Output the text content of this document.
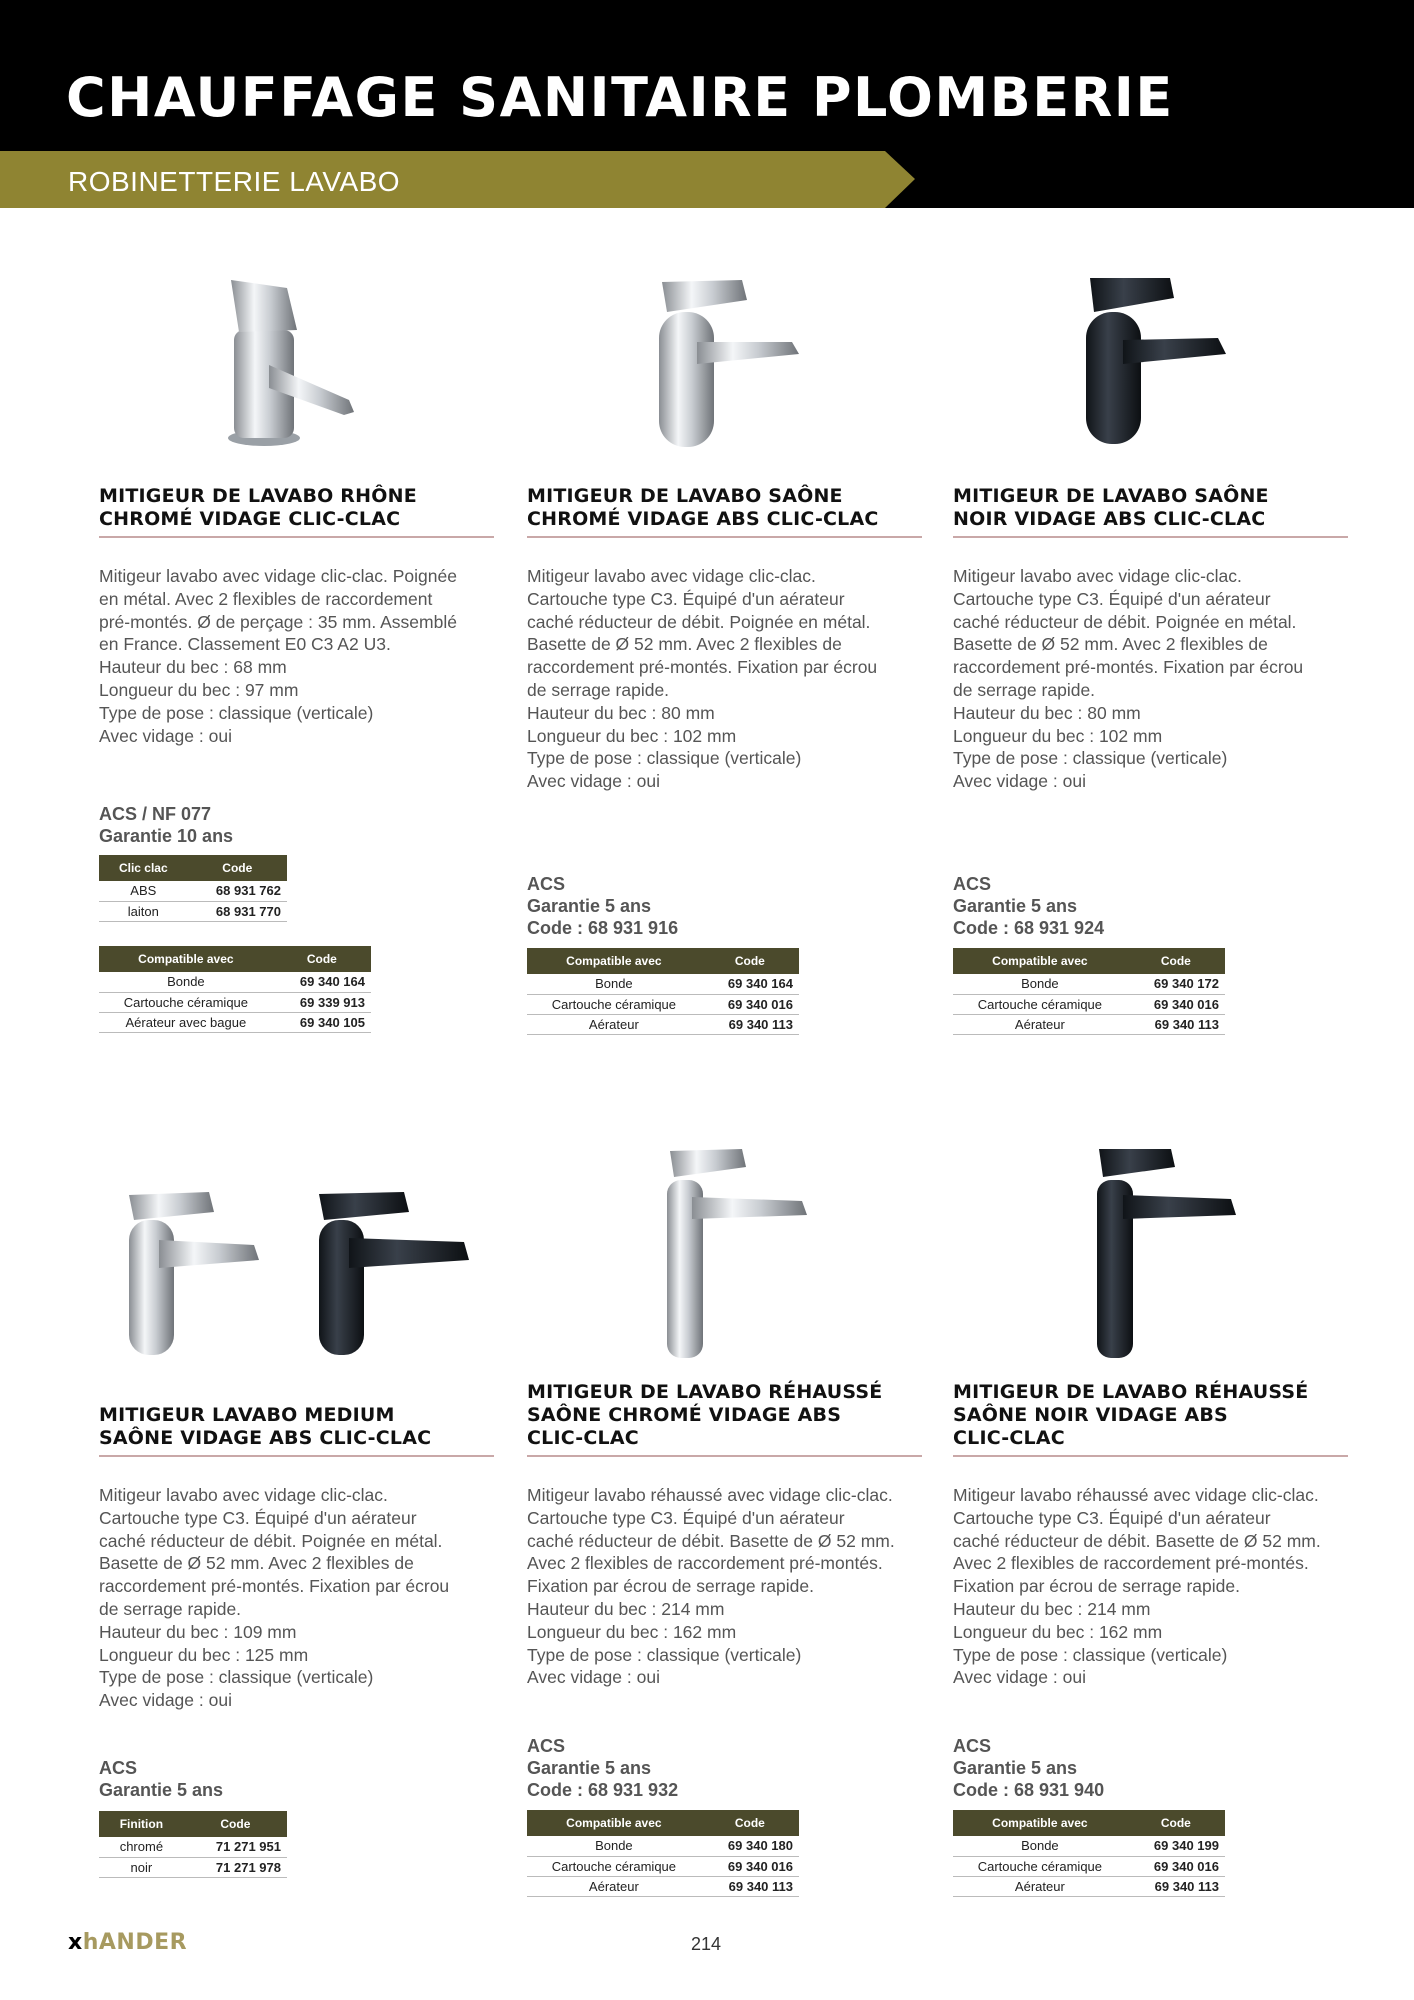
CHAUFFAGE SANITAIRE PLOMBERIE
ROBINETTERIE LAVABO
MITIGEUR DE LAVABO RHÔNE
CHROMÉ VIDAGE CLIC-CLAC
Mitigeur lavabo avec vidage clic-clac. Poignée
en métal. Avec 2 flexibles de raccordement
pré-montés. Ø de perçage : 35 mm. Assemblé
en France. Classement E0 C3 A2 U3.
Hauteur du bec : 68 mm
Longueur du bec : 97 mm
Type de pose : classique (verticale)
Avec vidage : oui
ACS / NF 077
Garantie 10 ans
Clic clac	Code
ABS	68 931 762
laiton	68 931 770
Compatible avec	Code
Bonde	69 340 164
Cartouche céramique	69 339 913
Aérateur avec bague	69 340 105
MITIGEUR DE LAVABO SAÔNE
CHROMÉ VIDAGE ABS CLIC-CLAC
Mitigeur lavabo avec vidage clic-clac.
Cartouche type C3. Équipé d'un aérateur
caché réducteur de débit. Poignée en métal.
Basette de Ø 52 mm. Avec 2 flexibles de
raccordement pré-montés. Fixation par écrou
de serrage rapide.
Hauteur du bec : 80 mm
Longueur du bec : 102 mm
Type de pose : classique (verticale)
Avec vidage : oui
ACS
Garantie 5 ans
Code : 68 931 916
Compatible avec	Code
Bonde	69 340 164
Cartouche céramique	69 340 016
Aérateur	69 340 113
MITIGEUR DE LAVABO SAÔNE
NOIR VIDAGE ABS CLIC-CLAC
Mitigeur lavabo avec vidage clic-clac.
Cartouche type C3. Équipé d'un aérateur
caché réducteur de débit. Poignée en métal.
Basette de Ø 52 mm. Avec 2 flexibles de
raccordement pré-montés. Fixation par écrou
de serrage rapide.
Hauteur du bec : 80 mm
Longueur du bec : 102 mm
Type de pose : classique (verticale)
Avec vidage : oui
ACS
Garantie 5 ans
Code : 68 931 924
Compatible avec	Code
Bonde	69 340 172
Cartouche céramique	69 340 016
Aérateur	69 340 113
MITIGEUR LAVABO MEDIUM
SAÔNE VIDAGE ABS CLIC-CLAC
Mitigeur lavabo avec vidage clic-clac.
Cartouche type C3. Équipé d'un aérateur
caché réducteur de débit. Poignée en métal.
Basette de Ø 52 mm. Avec 2 flexibles de
raccordement pré-montés. Fixation par écrou
de serrage rapide.
Hauteur du bec : 109 mm
Longueur du bec : 125 mm
Type de pose : classique (verticale)
Avec vidage : oui
ACS
Garantie 5 ans
Finition	Code
chromé	71 271 951
noir	71 271 978
MITIGEUR DE LAVABO RÉHAUSSÉ
SAÔNE CHROMÉ VIDAGE ABS
CLIC-CLAC
Mitigeur lavabo réhaussé avec vidage clic-clac.
Cartouche type C3. Équipé d'un aérateur
caché réducteur de débit. Basette de Ø 52 mm.
Avec 2 flexibles de raccordement pré-montés.
Fixation par écrou de serrage rapide.
Hauteur du bec : 214 mm
Longueur du bec : 162 mm
Type de pose : classique (verticale)
Avec vidage : oui
ACS
Garantie 5 ans
Code : 68 931 932
Compatible avec	Code
Bonde	69 340 180
Cartouche céramique	69 340 016
Aérateur	69 340 113
MITIGEUR DE LAVABO RÉHAUSSÉ
SAÔNE NOIR VIDAGE ABS
CLIC-CLAC
Mitigeur lavabo réhaussé avec vidage clic-clac.
Cartouche type C3. Équipé d'un aérateur
caché réducteur de débit. Basette de Ø 52 mm.
Avec 2 flexibles de raccordement pré-montés.
Fixation par écrou de serrage rapide.
Hauteur du bec : 214 mm
Longueur du bec : 162 mm
Type de pose : classique (verticale)
Avec vidage : oui
ACS
Garantie 5 ans
Code : 68 931 940
Compatible avec	Code
Bonde	69 340 199
Cartouche céramique	69 340 016
Aérateur	69 340 113
xhANDER	214
